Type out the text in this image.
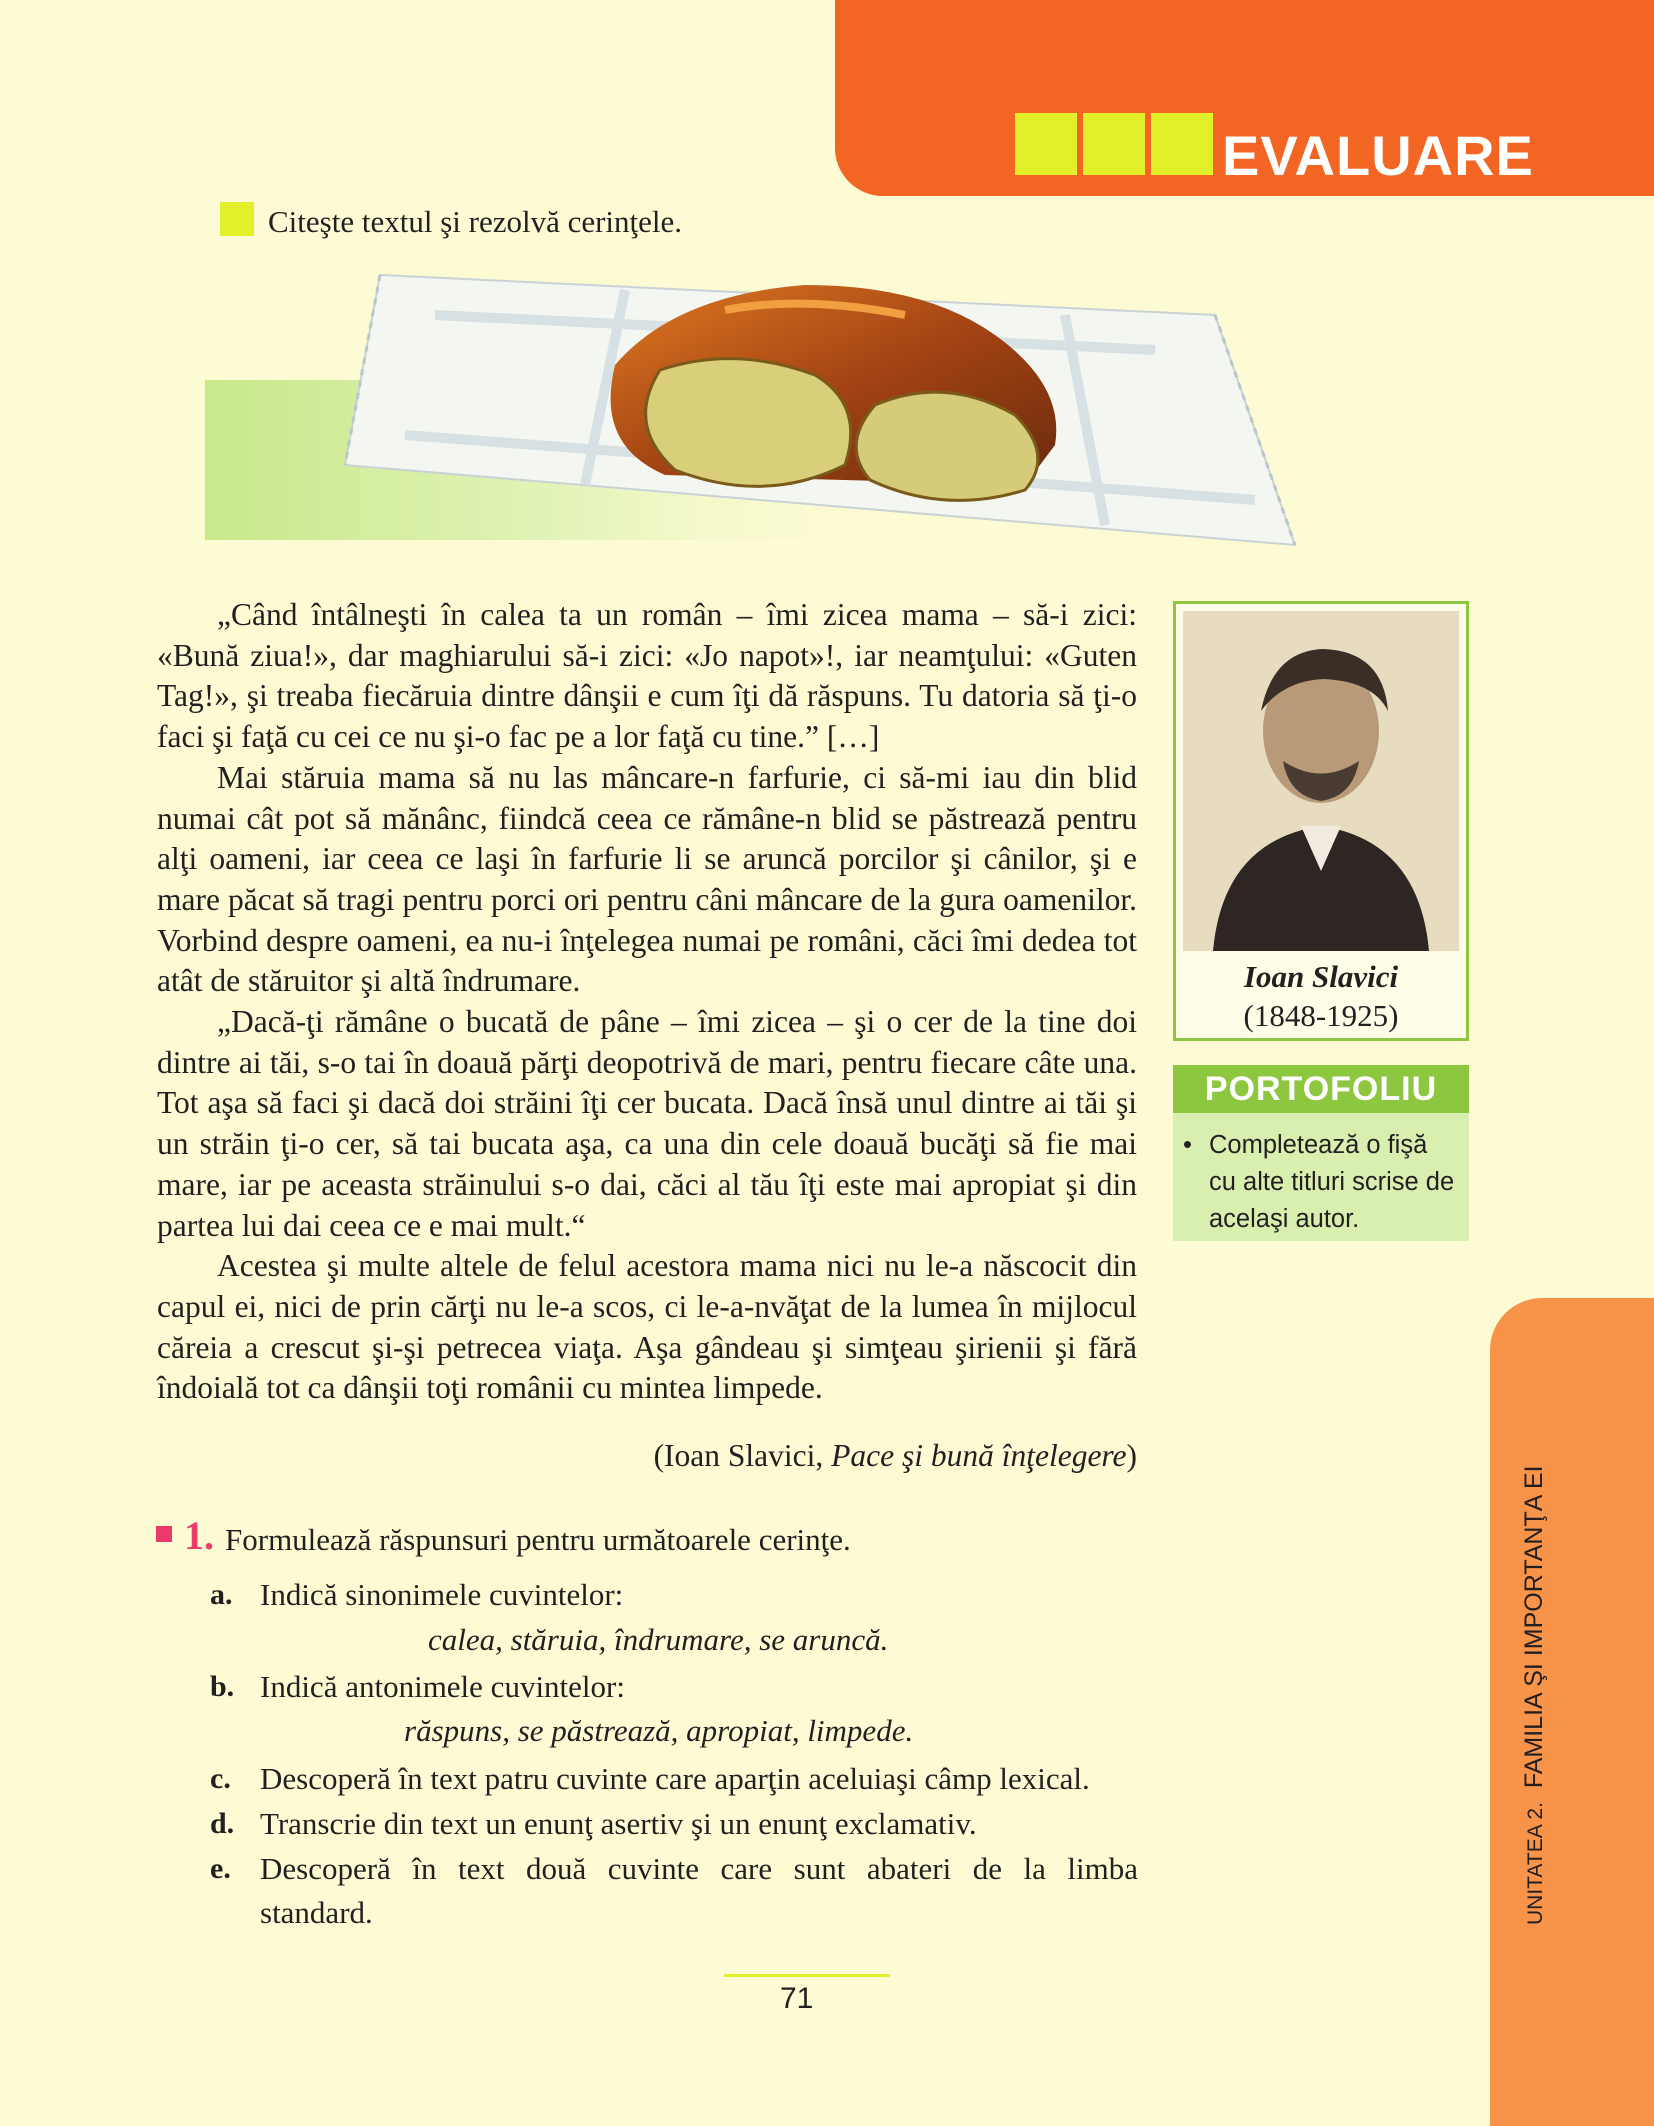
EVALUARE
Citeşte textul şi rezolvă cerinţele.

„Când întâlneşti în calea ta un român – îmi zicea mama – să-i zici: «Bună ziua!», dar maghiarului să-i zici: «Jo napot»!, iar neamţului: «Guten Tag!», şi treaba fiecăruia dintre dânşii e cum îţi dă răspuns. Tu datoria să ţi-o faci şi faţă cu cei ce nu şi-o fac pe a lor faţă cu tine.” […]

Mai stăruia mama să nu las mâncare-n farfurie, ci să-mi iau din blid numai cât pot să mănânc, fiindcă ceea ce rămâne-n blid se păstrează pentru alţi oameni, iar ceea ce laşi în farfurie li se aruncă porcilor şi cânilor, şi e mare păcat să tragi pentru porci ori pentru câni mâncare de la gura oamenilor. Vorbind despre oameni, ea nu-i înţelegea numai pe români, căci îmi dedea tot atât de stăruitor şi altă îndrumare.

„Dacă-ţi rămâne o bucată de pâne – îmi zicea – şi o cer de la tine doi dintre ai tăi, s-o tai în doauă părţi deopotrivă de mari, pentru fiecare câte una. Tot aşa să faci şi dacă doi străini îţi cer bucata. Dacă însă unul dintre ai tăi şi un străin ţi-o cer, să tai bucata aşa, ca una din cele doauă bucăţi să fie mai mare, iar pe aceasta străinului s-o dai, căci al tău îţi este mai apropiat şi din partea lui dai ceea ce e mai mult.“

Acestea şi multe altele de felul acestora mama nici nu le-a născocit din capul ei, nici de prin cărţi nu le-a scos, ci le-a-nvăţat de la lumea în mijlocul căreia a crescut şi-şi petrecea viaţa. Aşa gândeau şi simţeau şirienii şi fără îndoială tot ca dânşii toţi românii cu mintea limpede.

(Ioan Slavici, Pace şi bună înţelegere)
Ioan Slavici
(1848-1925)
PORTOFOLIU
• Completează o fişă cu alte titluri scrise de acelaşi autor.
UNITATEA 2.  FAMILIA ŞI IMPORTANŢA EI
1. Formulează răspunsuri pentru următoarele cerinţe.
a. Indică sinonimele cuvintelor:
calea, stăruia, îndrumare, se aruncă.
b. Indică antonimele cuvintelor:
răspuns, se păstrează, apropiat, limpede.
c. Descoperă în text patru cuvinte care aparţin aceluiaşi câmp lexical.
d. Transcrie din text un enunţ asertiv şi un enunţ exclamativ.
e. Descoperă în text două cuvinte care sunt abateri de la limba
standard.
71
